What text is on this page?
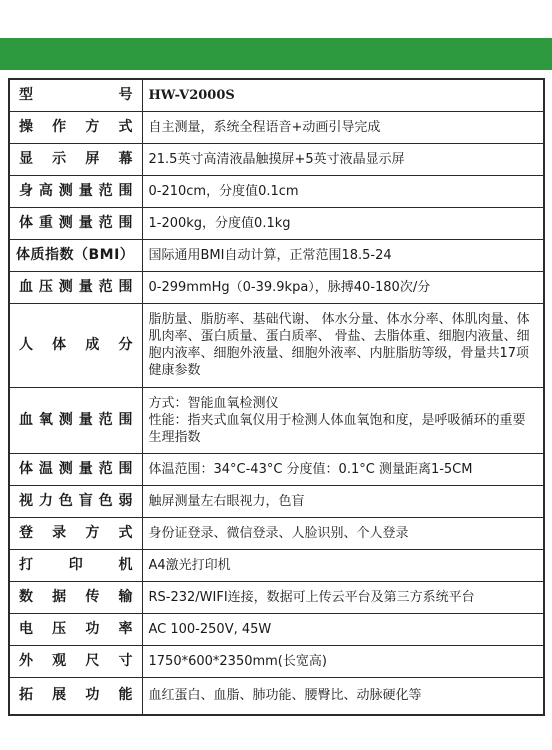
型号	HW-V2000S

操作方式	自主测量，系统全程语音+动画引导完成

显示屏幕	21.5英寸高清液晶触摸屏+5英寸液晶显示屏

身高测量范围	0-210cm，分度值0.1cm

体重测量范围	1-200kg，分度值0.1kg

体质指数（BMI）	国际通用BMI自动计算，正常范围18.5-24

血压测量范围	0-299mmHg（0-39.9kpa），脉搏40-180次/分

人体成分	脂肪量、脂肪率、基础代谢、 体水分量、体水分率、体肌肉量、体肌肉率、蛋白质量、蛋白质率、 骨盐、去脂体重、细胞内液量、细胞内液率、细胞外液量、细胞外液率、内脏脂肪等级，骨量共17项健康参数

血氧测量范围	方式：智能血氧检测仪
性能：指夹式血氧仪用于检测人体血氧饱和度，是呼吸循环的重要生理指数

体温测量范围	体温范围：34°C-43°C 分度值：0.1°C 测量距离1-5CM

视力色盲色弱	触屏测量左右眼视力，色盲

登录方式	身份证登录、微信登录、人脸识别、个人登录

打印机	A4激光打印机

数据传输	RS-232/WIFI连接，数据可上传云平台及第三方系统平台

电压功率	AC 100-250V, 45W

外观尺寸	1750*600*2350mm(长宽高)

拓展功能	血红蛋白、血脂、肺功能、腰臀比、动脉硬化等
